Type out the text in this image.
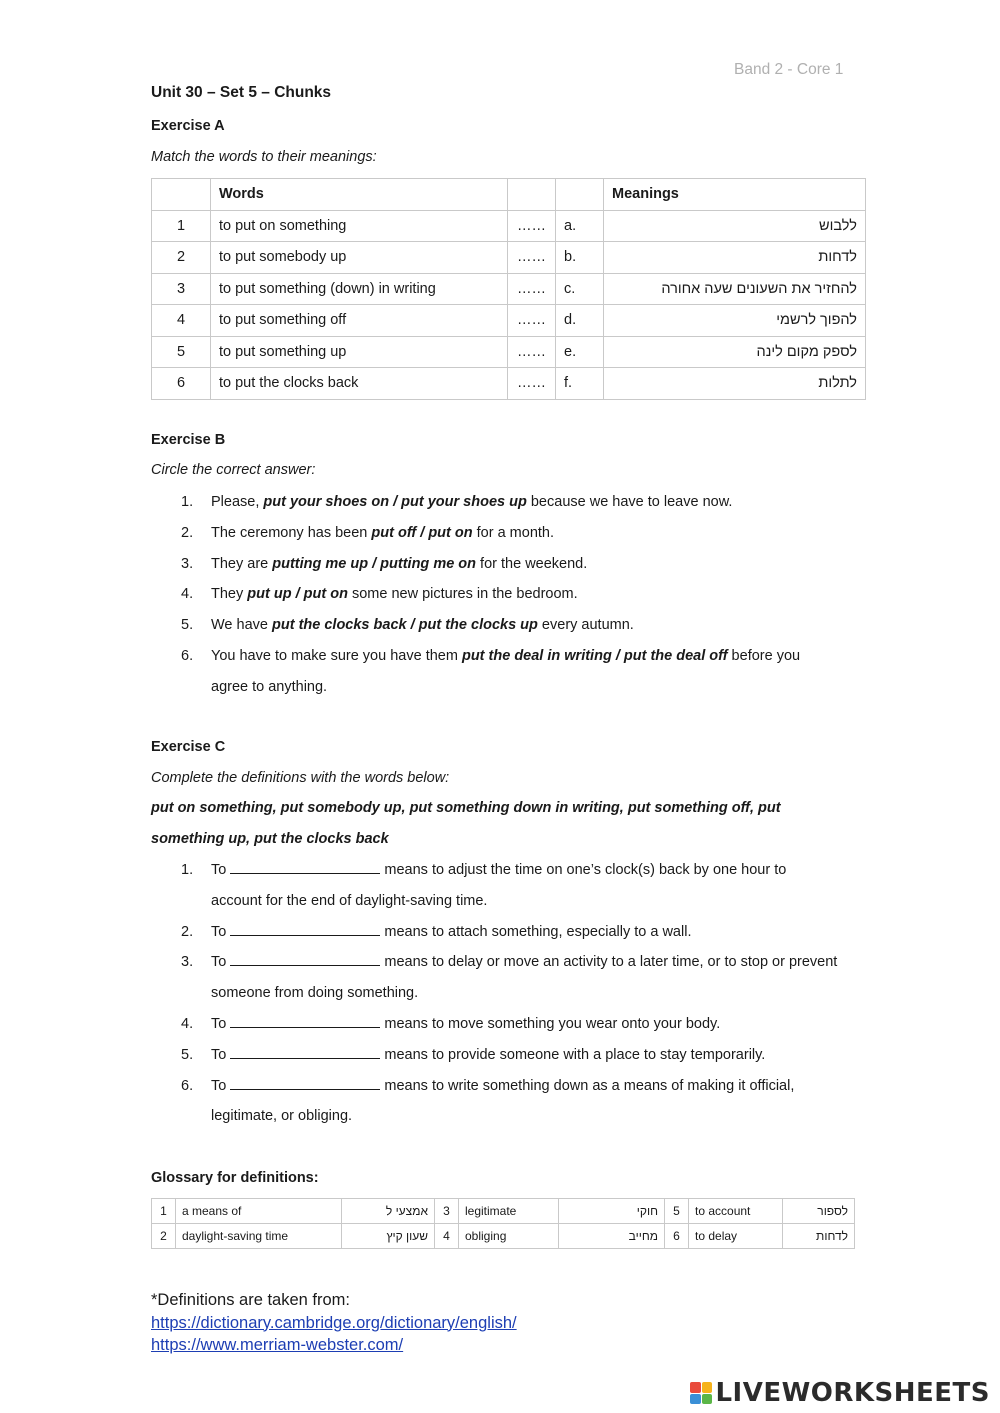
Band 2 - Core 1
Unit 30 – Set 5 – Chunks
Exercise A
Match the words to their meanings:
	Words			Meanings
1	to put on something	……	a.	ללבוש
2	to put somebody up	……	b.	לדחות
3	to put something (down) in writing	……	c.	להחזיר את השעונים שעה אחורה
4	to put something off	……	d.	להפוך לרשמי
5	to put something up	……	e.	לספק מקום לינה
6	to put the clocks back	……	f.	לתלות
Exercise B
Circle the correct answer:
1. Please, put your shoes on / put your shoes up because we have to leave now.
2. The ceremony has been put off / put on for a month.
3. They are putting me up / putting me on for the weekend.
4. They put up / put on some new pictures in the bedroom.
5. We have put the clocks back / put the clocks up every autumn.
6. You have to make sure you have them put the deal in writing / put the deal off before you agree to anything.
Exercise C
Complete the definitions with the words below:
put on something, put somebody up, put something down in writing, put something off, put something up, put the clocks back
1. To	means to adjust the time on one’s clock(s) back by one hour to account for the end of daylight-saving time.
2. To	means to attach something, especially to a wall.
3. To	means to delay or move an activity to a later time, or to stop or prevent someone from doing something.
4. To	means to move something you wear onto your body.
5. To	means to provide someone with a place to stay temporarily.
6. To	means to write something down as a means of making it official, legitimate, or obliging.
Glossary for definitions:
1	a means of	אמצעי ל	3	legitimate	חוקי	5	to account	לספור
2	daylight-saving time	שעון קיץ	4	obliging	מחייב	6	to delay	לדחות
*Definitions are taken from:
https://dictionary.cambridge.org/dictionary/english/
https://www.merriam-webster.com/
LIVEWORKSHEETS
